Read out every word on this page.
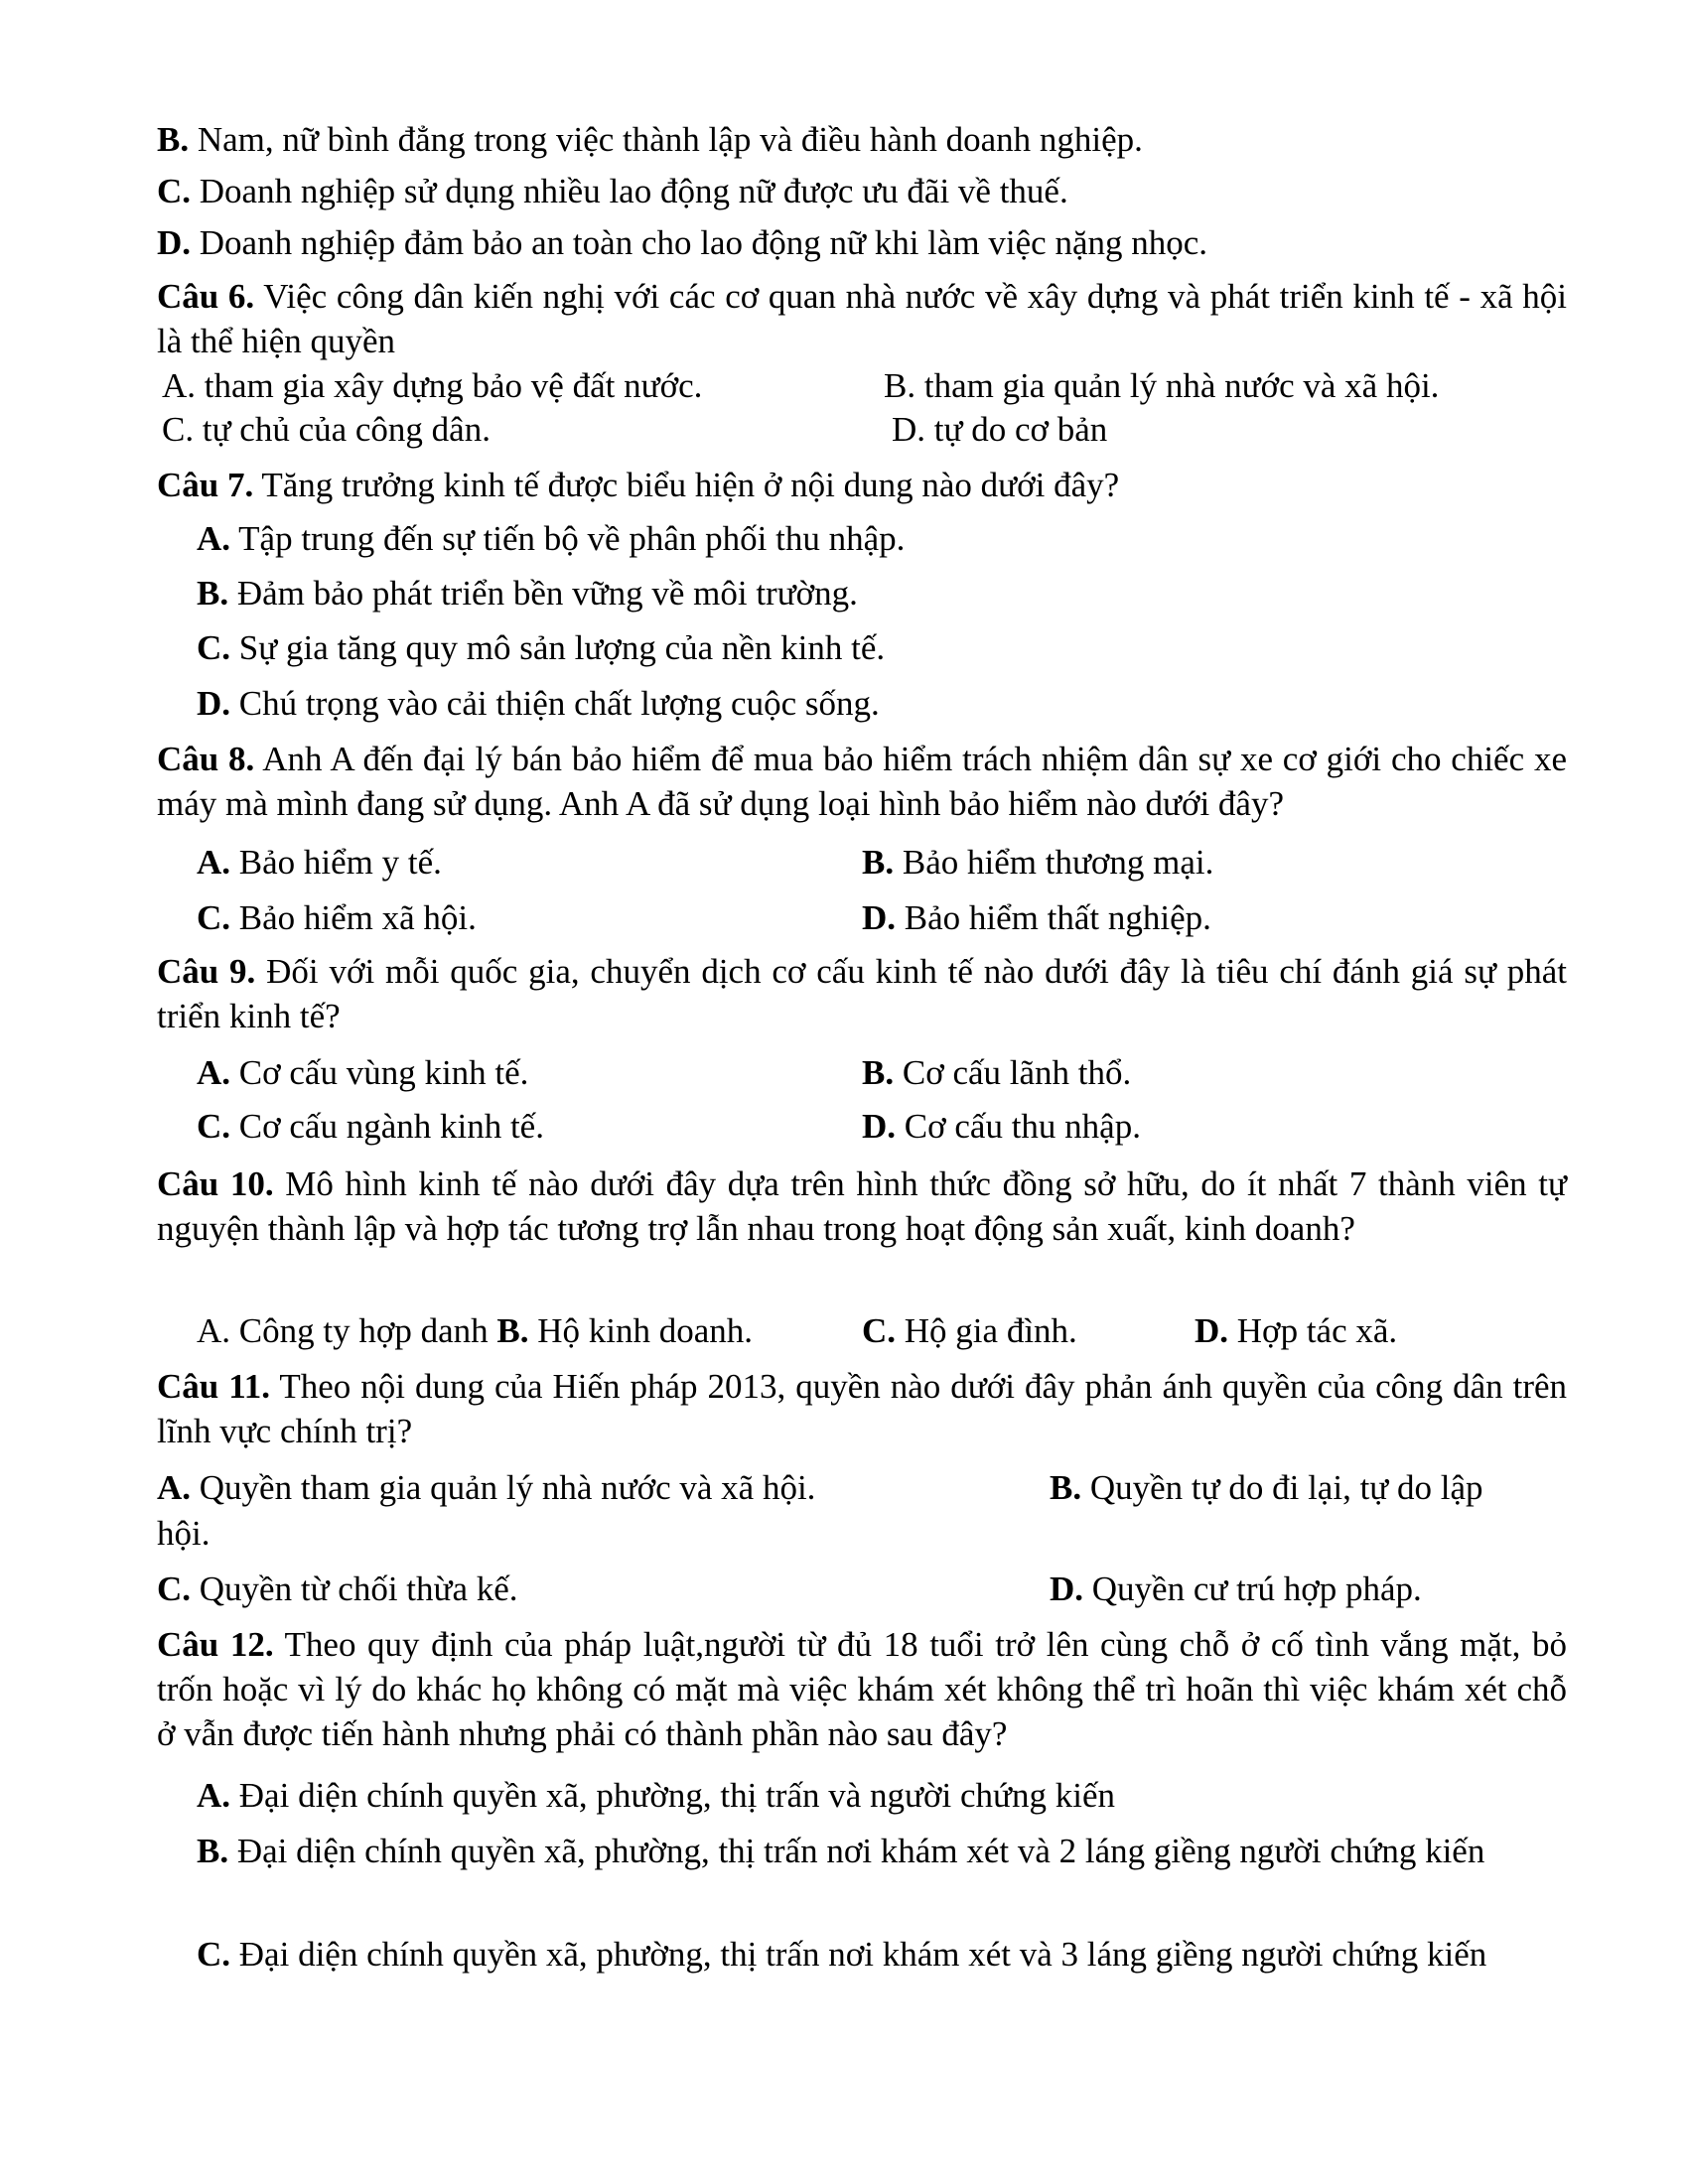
B. Nam, nữ bình đẳng trong việc thành lập và điều hành doanh nghiệp.
C. Doanh nghiệp sử dụng nhiều lao động nữ được ưu đãi về thuế.
D. Doanh nghiệp đảm bảo an toàn cho lao động nữ khi làm việc nặng nhọc.
Câu 6. Việc công dân kiến nghị với các cơ quan nhà nước về xây dựng và phát triển kinh tế - xã hội là thể hiện quyền
A. tham gia xây dựng bảo vệ đất nước.	B. tham gia quản lý nhà nước và xã hội.
C. tự chủ của công dân.	D. tự do cơ bản
Câu 7. Tăng trưởng kinh tế được biểu hiện ở nội dung nào dưới đây?
A. Tập trung đến sự tiến bộ về phân phối thu nhập.
B. Đảm bảo phát triển bền vững về môi trường.
C. Sự gia tăng quy mô sản lượng của nền kinh tế.
D. Chú trọng vào cải thiện chất lượng cuộc sống.
Câu 8. Anh A đến đại lý bán bảo hiểm để mua bảo hiểm trách nhiệm dân sự xe cơ giới cho chiếc xe máy mà mình đang sử dụng. Anh A đã sử dụng loại hình bảo hiểm nào dưới đây?
A. Bảo hiểm y tế.	B. Bảo hiểm thương mại.
C. Bảo hiểm xã hội.	D. Bảo hiểm thất nghiệp.
Câu 9. Đối với mỗi quốc gia, chuyển dịch cơ cấu kinh tế nào dưới đây là tiêu chí đánh giá sự phát triển kinh tế?
A. Cơ cấu vùng kinh tế.	B. Cơ cấu lãnh thổ.
C. Cơ cấu ngành kinh tế.	D. Cơ cấu thu nhập.
Câu 10. Mô hình kinh tế nào dưới đây dựa trên hình thức đồng sở hữu, do ít nhất 7 thành viên tự nguyện thành lập và hợp tác tương trợ lẫn nhau trong hoạt động sản xuất, kinh doanh?
A. Công ty hợp danh B. Hộ kinh doanh.	C. Hộ gia đình.	D. Hợp tác xã.
Câu 11. Theo nội dung của Hiến pháp 2013, quyền nào dưới đây phản ánh quyền của công dân trên lĩnh vực chính trị?
A. Quyền tham gia quản lý nhà nước và xã hội.	B. Quyền tự do đi lại, tự do lập
hội.
C. Quyền từ chối thừa kế.	D. Quyền cư trú hợp pháp.
Câu 12. Theo quy định của pháp luật,người từ đủ 18 tuổi trở lên cùng chỗ ở cố tình vắng mặt, bỏ trốn hoặc vì lý do khác họ không có mặt mà việc khám xét không thể trì hoãn thì việc khám xét chỗ ở vẫn được tiến hành nhưng phải có thành phần nào sau đây?
A. Đại diện chính quyền xã, phường, thị trấn và người chứng kiến
B. Đại diện chính quyền xã, phường, thị trấn nơi khám xét và 2 láng giềng người chứng kiến
C. Đại diện chính quyền xã, phường, thị trấn nơi khám xét và 3 láng giềng người chứng kiến
